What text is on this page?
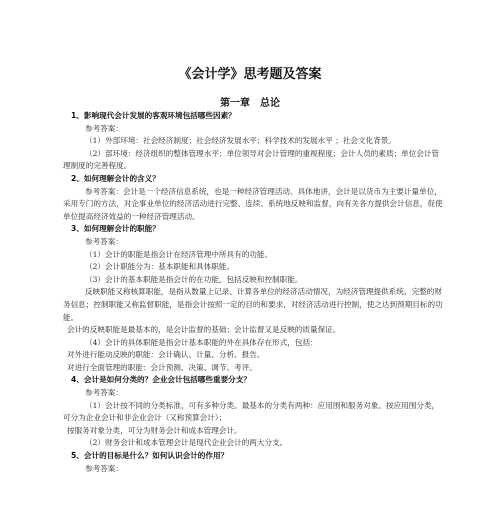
《会计学》思考题及答案
第一章　总论
1、影响现代会计发展的客观环境包括哪些因素？
参考答案：
（1）外部环境：社会经济制度；社会经济发展水平；科学技术的发展水平 ；社会文化背景。
（2）部环境：经济组织的整体管理水平；单位领导对会计管理的重视程度；会计人员的素质；单位会计管理制度的完善程度。
2、如何理解会计的含义？
参考答案：会计是一个经济信息系统，也是一种经济管理活动。具体地讲，会计是以货币为主要计量单位，采用专门的方法，对企事业单位的经济活动进行完整、连续、系统地反映和监督，向有关各方提供会计信息，促使单位提高经济效益的一种经济管理活动。
3、如何理解会计的职能？
参考答案：
（1）会计的职能是指会计在经济管理中所具有的功能。
（2）会计职能分为：基本职能和具体职能。
（3）会计的基本职能是指会计的在功能，包括反映和控制职能。
反映职能又称核算职能，是指从数量上记录、计算各单位的经济活动情况，为经济管理提供系统、完整的财务信息；控制职能又称监督职能，是指会计按照一定的目的和要求，对经济活动进行控制，使之达到预期目标的功能。
会计的反映职能是最基本的，是会计监督的基础；会计监督又是反映的质量保证。
（4）会计的具体职能是指会计基本职能的外在具体存在形式，包括：
对外进行能动反映的职能：会计确认、计量、分析、报告。
对进行全面管理的职能：会计预测、决策、调节、考评。
4、会计是如何分类的？企业会计包括哪些重要分支？
参考答案：
（1）会计按不同的分类标准，可有多种分类。最基本的分类有两种：应用围和服务对象。按应用围分类，可分为企业会计和非企业会计（又称预算会计）；
按服务对象分类，可分为财务会计和成本管理会计。
（2）财务会计和成本管理会计是现代企业会计的两大分支。
5、会计的目标是什么？如何认识会计的作用？
参考答案：
